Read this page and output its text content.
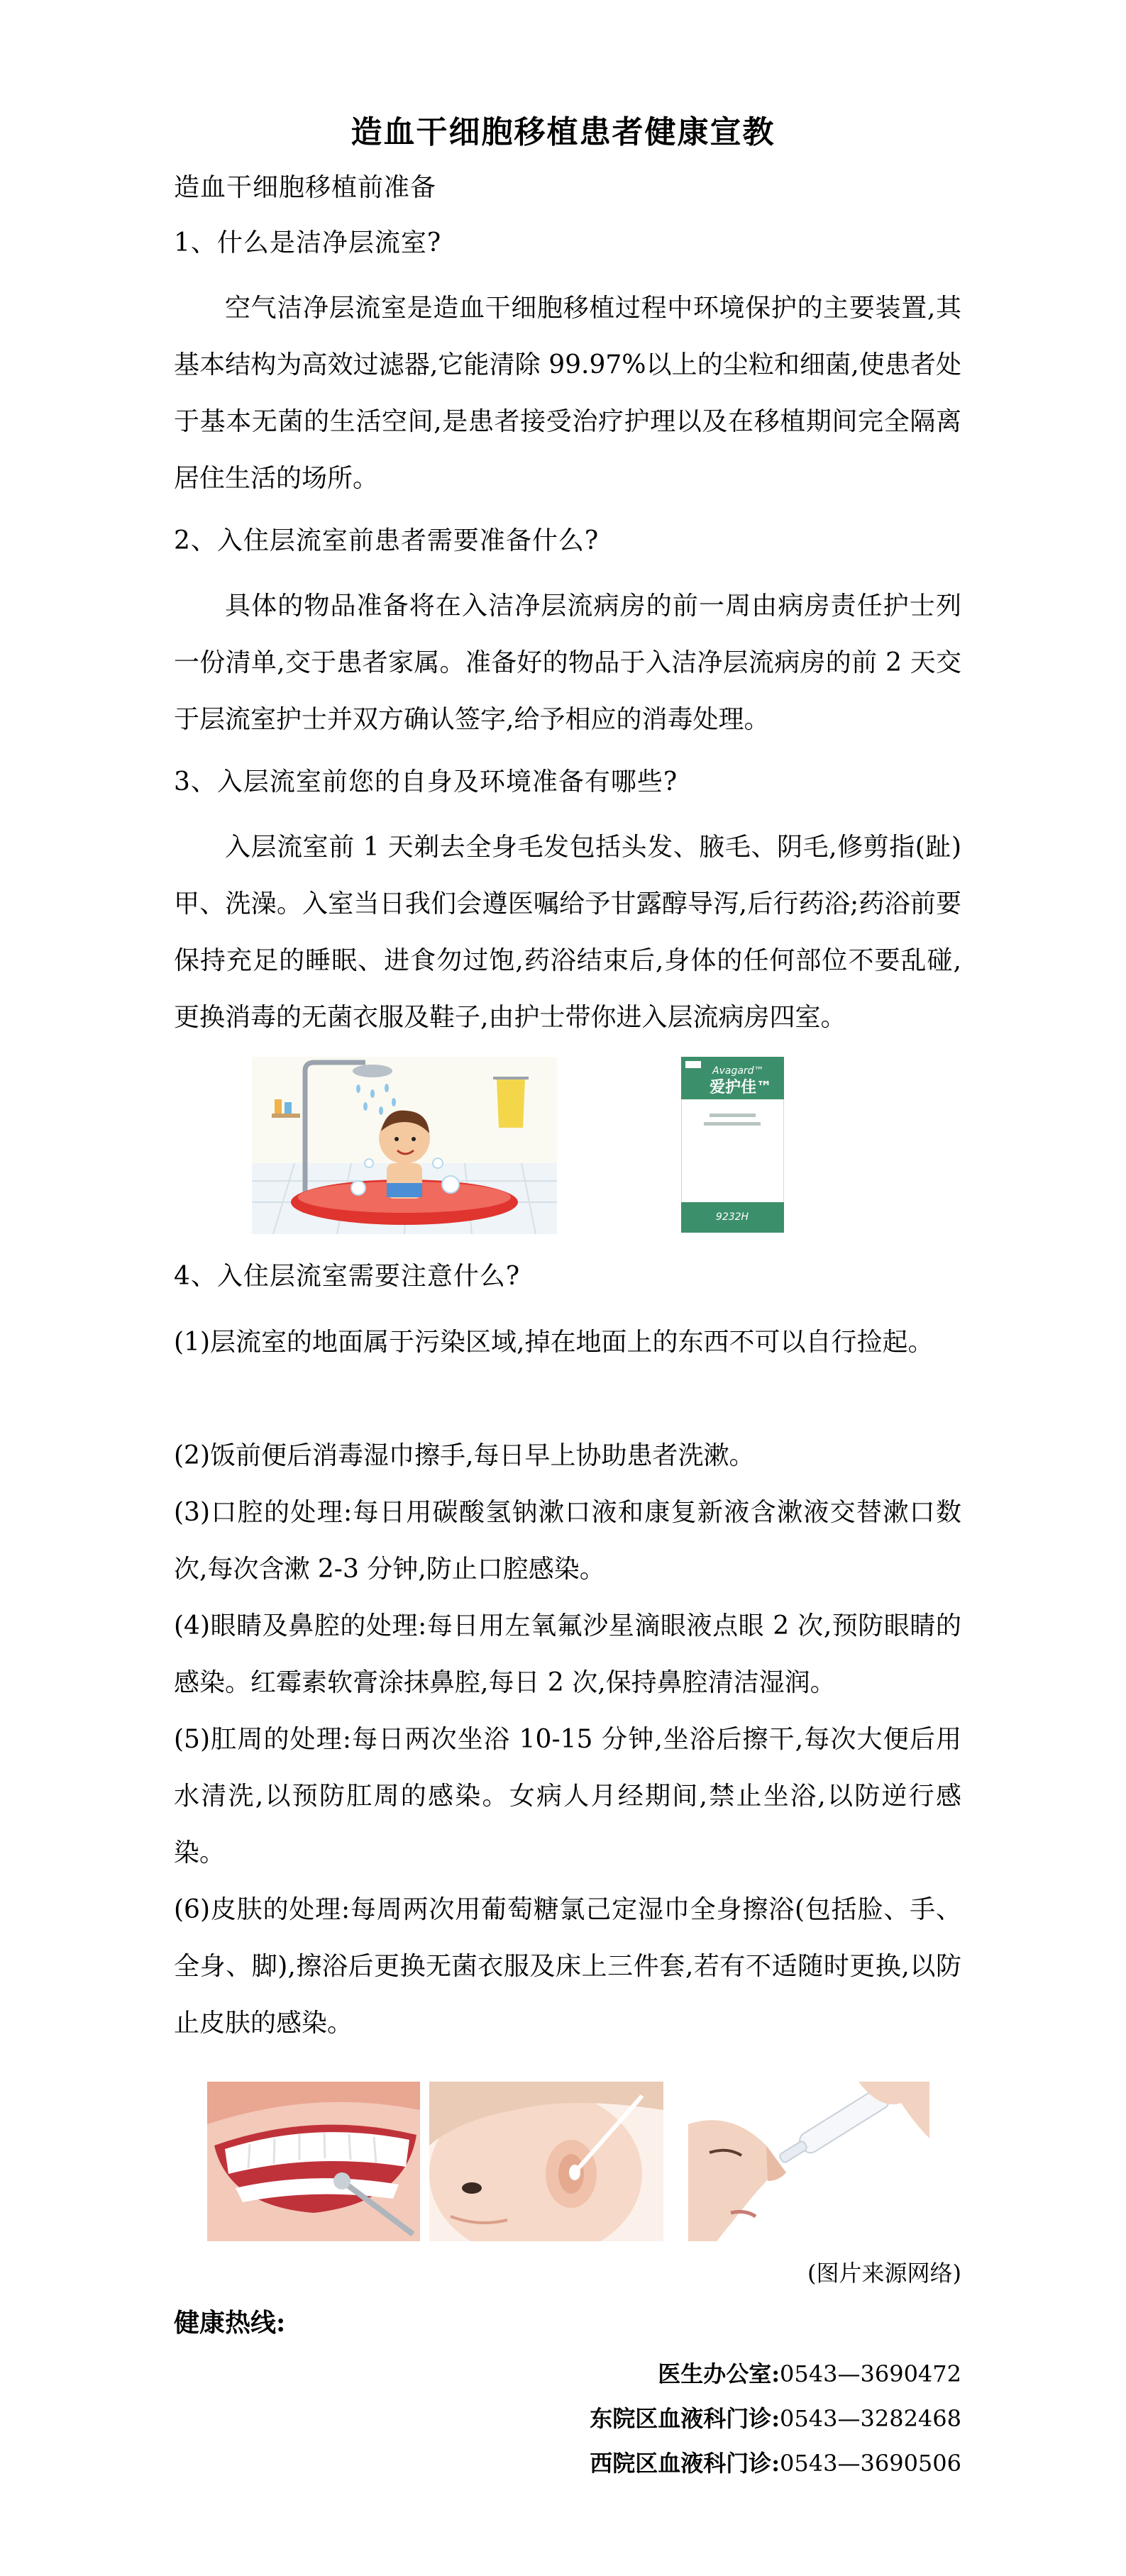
造血干细胞移植患者健康宣教
造血干细胞移植前准备
1、什么是洁净层流室?
空气洁净层流室是造血干细胞移植过程中环境保护的主要装置,其基本结构为高效过滤器,它能清除 99.97%以上的尘粒和细菌,使患者处于基本无菌的生活空间,是患者接受治疗护理以及在移植期间完全隔离居住生活的场所。
2、入住层流室前患者需要准备什么?
具体的物品准备将在入洁净层流病房的前一周由病房责任护士列一份清单,交于患者家属。准备好的物品于入洁净层流病房的前 2 天交于层流室护士并双方确认签字,给予相应的消毒处理。
3、入层流室前您的自身及环境准备有哪些?
入层流室前 1 天剃去全身毛发包括头发、腋毛、阴毛,修剪指(趾)甲、洗澡。入室当日我们会遵医嘱给予甘露醇导泻,后行药浴;药浴前要保持充足的睡眠、进食勿过饱,药浴结束后,身体的任何部位不要乱碰,更换消毒的无菌衣服及鞋子,由护士带你进入层流病房四室。
Avagard™
爱护佳™
9232H
4、入住层流室需要注意什么?
(1)层流室的地面属于污染区域,掉在地面上的东西不可以自行捡起。
(2)饭前便后消毒湿巾擦手,每日早上协助患者洗漱。
(3)口腔的处理:每日用碳酸氢钠漱口液和康复新液含漱液交替漱口数次,每次含漱 2-3 分钟,防止口腔感染。
(4)眼睛及鼻腔的处理:每日用左氧氟沙星滴眼液点眼 2 次,预防眼睛的感染。红霉素软膏涂抹鼻腔,每日 2 次,保持鼻腔清洁湿润。
(5)肛周的处理:每日两次坐浴 10-15 分钟,坐浴后擦干,每次大便后用水清洗,以预防肛周的感染。女病人月经期间,禁止坐浴,以防逆行感染。
(6)皮肤的处理:每周两次用葡萄糖氯己定湿巾全身擦浴(包括脸、手、全身、脚),擦浴后更换无菌衣服及床上三件套,若有不适随时更换,以防止皮肤的感染。
(图片来源网络)
健康热线:
医生办公室:0543—3690472
东院区血液科门诊:0543—3282468
西院区血液科门诊:0543—3690506
